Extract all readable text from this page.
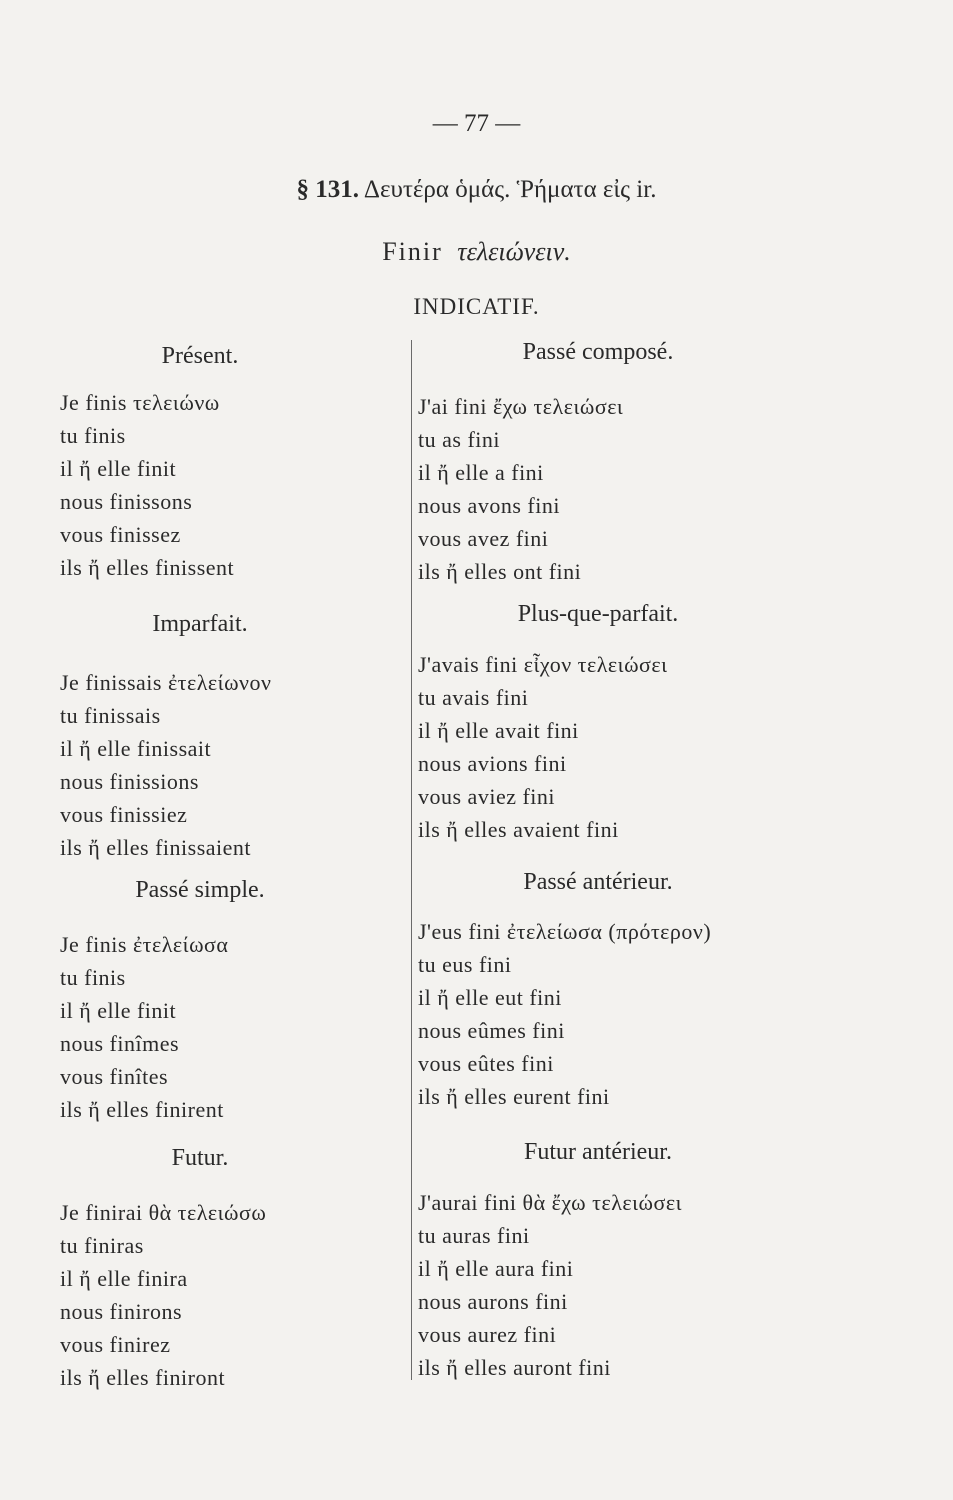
— 77 —
§ 131. Δευτέρα ὁμάς. Ῥήματα εἰς ir.
Finir τελειώνειν.
INDICATIF.
Présent.
Je finis τελειώνω
tu finis
il ἤ elle finit
nous finissons
vous finissez
ils ἤ elles finissent
Imparfait.
Je finissais ἐτελείωνον
tu finissais
il ἤ elle finissait
nous finissions
vous finissiez
ils ἤ elles finissaient
Passé simple.
Je finis ἐτελείωσα
tu finis
il ἤ elle finit
nous finîmes
vous finîtes
ils ἤ elles finirent
Futur.
Je finirai θὰ τελειώσω
tu finiras
il ἤ elle finira
nous finirons
vous finirez
ils ἤ elles finiront
Passé composé.
J'ai fini ἔχω τελειώσει
tu as fini
il ἤ elle a fini
nous avons fini
vous avez fini
ils ἤ elles ont fini
Plus-que-parfait.
J'avais fini εἶχον τελειώσει
tu avais fini
il ἤ elle avait fini
nous avions fini
vous aviez fini
ils ἤ elles avaient fini
Passé antérieur.
J'eus fini ἐτελείωσα (πρότερον)
tu eus fini
il ἤ elle eut fini
nous eûmes fini
vous eûtes fini
ils ἤ elles eurent fini
Futur antérieur.
J'aurai fini θὰ ἔχω τελειώσει
tu auras fini
il ἤ elle aura fini
nous aurons fini
vous aurez fini
ils ἤ elles auront fini
